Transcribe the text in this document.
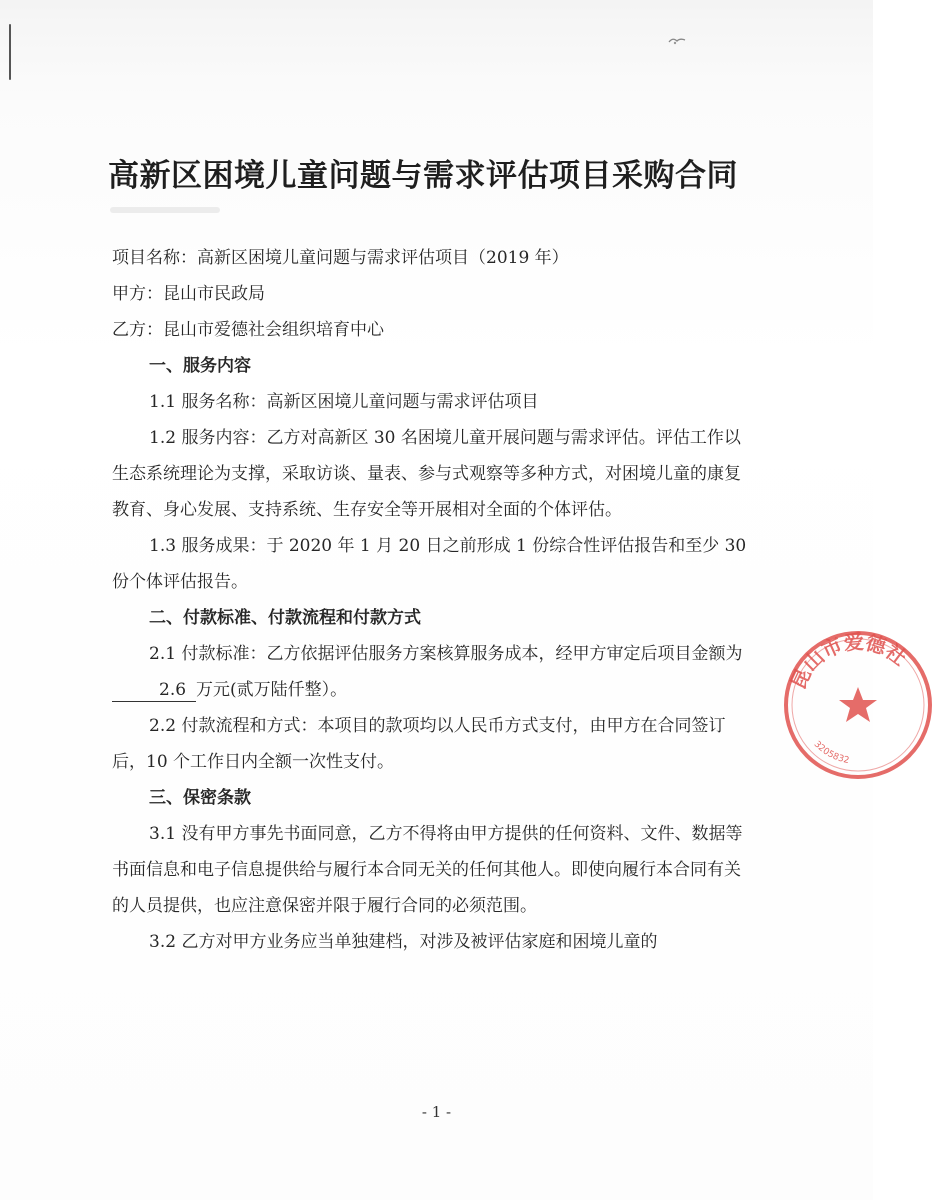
高新区困境儿童问题与需求评估项目采购合同

项目名称：高新区困境儿童问题与需求评估项目（2019 年）

甲方：昆山市民政局

乙方：昆山市爱德社会组织培育中心

一、服务内容

1.1 服务名称：高新区困境儿童问题与需求评估项目

1.2 服务内容：乙方对高新区 30 名困境儿童开展问题与需求评估。评估工作以生态系统理论为支撑，采取访谈、量表、参与式观察等多种方式，对困境儿童的康复教育、身心发展、支持系统、生存安全等开展相对全面的个体评估。

1.3 服务成果：于 2020 年 1 月 20 日之前形成 1 份综合性评估报告和至少 30 份个体评估报告。

二、付款标准、付款流程和付款方式

2.1 付款标准：乙方依据评估服务方案核算服务成本，经甲方审定后项目金额为2.6 万元(贰万陆仟整）。

2.2 付款流程和方式：本项目的款项均以人民币方式支付，由甲方在合同签订后，10 个工作日内全额一次性支付。

三、保密条款

3.1 没有甲方事先书面同意，乙方不得将由甲方提供的任何资料、文件、数据等书面信息和电子信息提供给与履行本合同无关的任何其他人。即使向履行本合同有关的人员提供，也应注意保密并限于履行合同的必须范围。

3.2 乙方对甲方业务应当单独建档，对涉及被评估家庭和困境儿童的

- 1 -
昆山市爱德社
3205832
